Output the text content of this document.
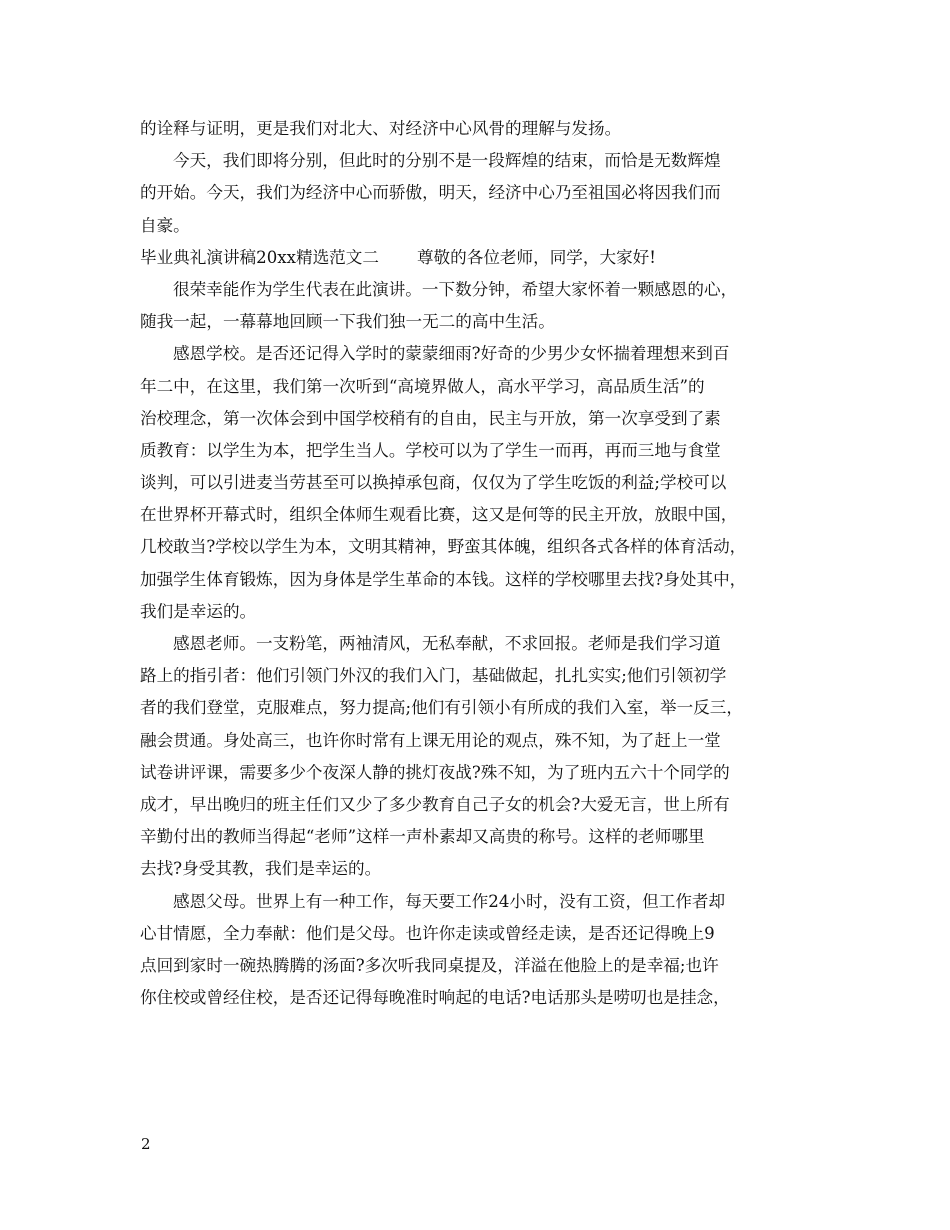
的诠释与证明，更是我们对北大、对经济中心风骨的理解与发扬。
今天，我们即将分别，但此时的分别不是一段辉煌的结束，而恰是无数辉煌
的开始。今天，我们为经济中心而骄傲，明天，经济中心乃至祖国必将因我们而
自豪。
毕业典礼演讲稿20xx精选范文二 尊敬的各位老师，同学，大家好!
很荣幸能作为学生代表在此演讲。一下数分钟，希望大家怀着一颗感恩的心，
随我一起，一幕幕地回顾一下我们独一无二的高中生活。
感恩学校。是否还记得入学时的蒙蒙细雨?好奇的少男少女怀揣着理想来到百
年二中，在这里，我们第一次听到“高境界做人，高水平学习，高品质生活”的
治校理念，第一次体会到中国学校稍有的自由，民主与开放，第一次享受到了素
质教育：以学生为本，把学生当人。学校可以为了学生一而再，再而三地与食堂
谈判，可以引进麦当劳甚至可以换掉承包商，仅仅为了学生吃饭的利益;学校可以
在世界杯开幕式时，组织全体师生观看比赛，这又是何等的民主开放，放眼中国，
几校敢当?学校以学生为本，文明其精神，野蛮其体魄，组织各式各样的体育活动，
加强学生体育锻炼，因为身体是学生革命的本钱。这样的学校哪里去找?身处其中，
我们是幸运的。
感恩老师。一支粉笔，两袖清风，无私奉献，不求回报。老师是我们学习道
路上的指引者：他们引领门外汉的我们入门，基础做起，扎扎实实;他们引领初学
者的我们登堂，克服难点，努力提高;他们有引领小有所成的我们入室，举一反三，
融会贯通。身处高三，也许你时常有上课无用论的观点，殊不知，为了赶上一堂
试卷讲评课，需要多少个夜深人静的挑灯夜战?殊不知，为了班内五六十个同学的
成才，早出晚归的班主任们又少了多少教育自己子女的机会?大爱无言，世上所有
辛勤付出的教师当得起“老师”这样一声朴素却又高贵的称号。这样的老师哪里
去找?身受其教，我们是幸运的。
感恩父母。世界上有一种工作，每天要工作24小时，没有工资，但工作者却
心甘情愿，全力奉献：他们是父母。也许你走读或曾经走读，是否还记得晚上9
点回到家时一碗热腾腾的汤面?多次听我同桌提及，洋溢在他脸上的是幸福;也许
你住校或曾经住校，是否还记得每晚准时响起的电话?电话那头是唠叨也是挂念，
2
